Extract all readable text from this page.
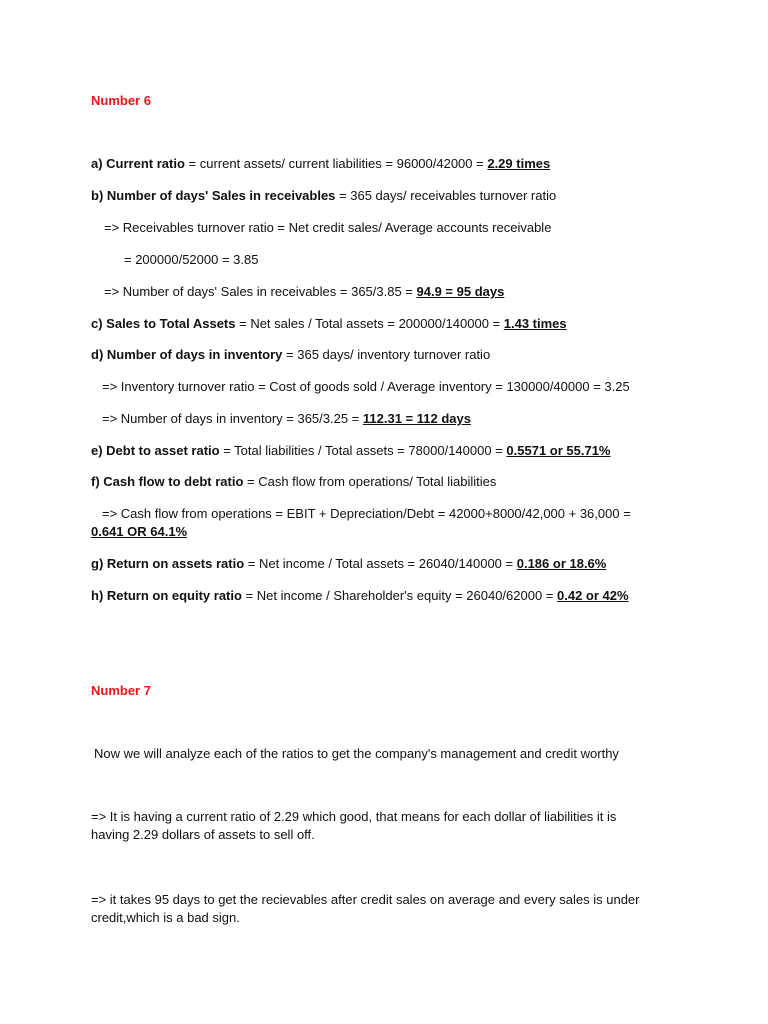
Number 6
a) Current ratio = current assets/ current liabilities = 96000/42000 = 2.29 times
b) Number of days' Sales in receivables = 365 days/ receivables turnover ratio
=> Receivables turnover ratio = Net credit sales/ Average accounts receivable
= 200000/52000 = 3.85
=> Number of days' Sales in receivables = 365/3.85 = 94.9 = 95 days
c) Sales to Total Assets = Net sales / Total assets = 200000/140000 = 1.43 times
d) Number of days in inventory = 365 days/ inventory turnover ratio
=> Inventory turnover ratio = Cost of goods sold / Average inventory = 130000/40000 = 3.25
=> Number of days in inventory = 365/3.25 = 112.31 = 112 days
e) Debt to asset ratio = Total liabilities / Total assets = 78000/140000 = 0.5571 or 55.71%
f) Cash flow to debt ratio = Cash flow from operations/ Total liabilities
=> Cash flow from operations = EBIT + Depreciation/Debt = 42000+8000/42,000 + 36,000 =
0.641 OR 64.1%
g) Return on assets ratio = Net income / Total assets = 26040/140000 = 0.186 or 18.6%
h) Return on equity ratio = Net income / Shareholder's equity = 26040/62000 = 0.42 or 42%
Number 7
Now we will analyze each of the ratios to get the company's management and credit worthy
=> It is having a current ratio of 2.29 which good, that means for each dollar of liabilities it is
having 2.29 dollars of assets to sell off.
=> it takes 95 days to get the recievables after credit sales on average and every sales is under
credit,which is a bad sign.
